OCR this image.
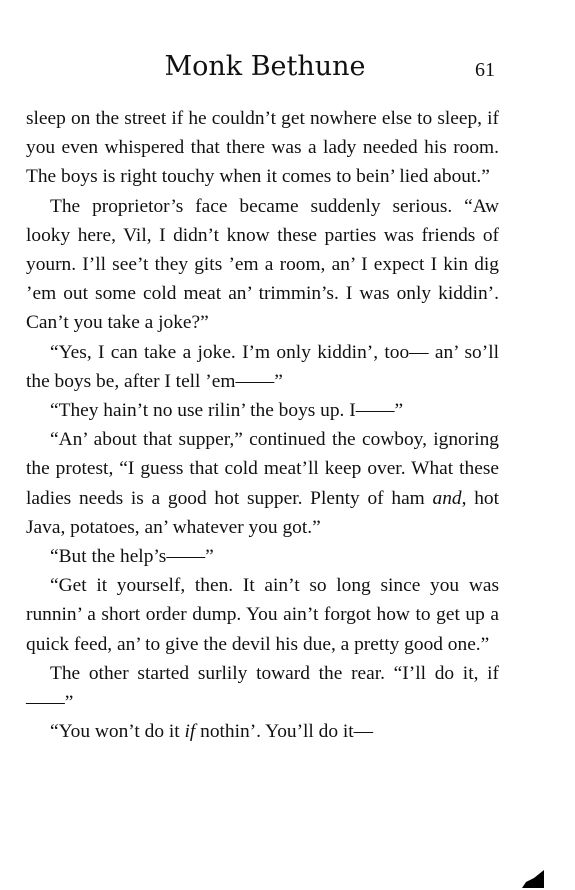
Monk Bethune	61

sleep on the street if he couldn’t get nowhere else to sleep, if you even whispered that there was a lady needed his room. The boys is right touchy when it comes to bein’ lied about.”

The proprietor’s face became suddenly serious. “Aw looky here, Vil, I didn’t know these parties was friends of yourn. I’ll see’t they gits ’em a room, an’ I expect I kin dig ’em out some cold meat an’ trimmin’s. I was only kiddin’. Can’t you take a joke?”

“Yes, I can take a joke. I’m only kiddin’, too— an’ so’ll the boys be, after I tell ’em——”

“They hain’t no use rilin’ the boys up. I——”

“An’ about that supper,” continued the cowboy, ignoring the protest, “I guess that cold meat’ll keep over. What these ladies needs is a good hot supper. Plenty of ham and, hot Java, potatoes, an’ whatever you got.”

“But the help’s——”

“Get it yourself, then. It ain’t so long since you was runnin’ a short order dump. You ain’t forgot how to get up a quick feed, an’ to give the devil his due, a pretty good one.”

The other started surlily toward the rear. “I’ll do it, if——”

“You won’t do it if nothin’. You’ll do it—
